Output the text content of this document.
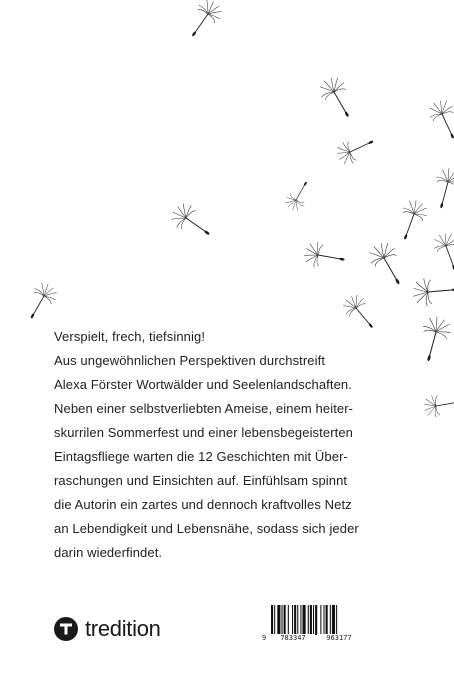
Verspielt, frech, tiefsinnig!

Aus ungewöhnlichen Perspektiven durchstreift

Alexa Förster Wortwälder und Seelenlandschaften.

Neben einer selbstverliebten Ameise, einem heiter-

skurrilen Sommerfest und einer lebensbegeisterten

Eintagsfliege warten die 12 Geschichten mit Über-

raschungen und Einsichten auf. Einfühlsam spinnt

die Autorin ein zartes und dennoch kraftvolles Netz

an Lebendigkeit und Lebensnähe, sodass sich jeder

darin wiederfindet.

tredition	9	783347	963177
